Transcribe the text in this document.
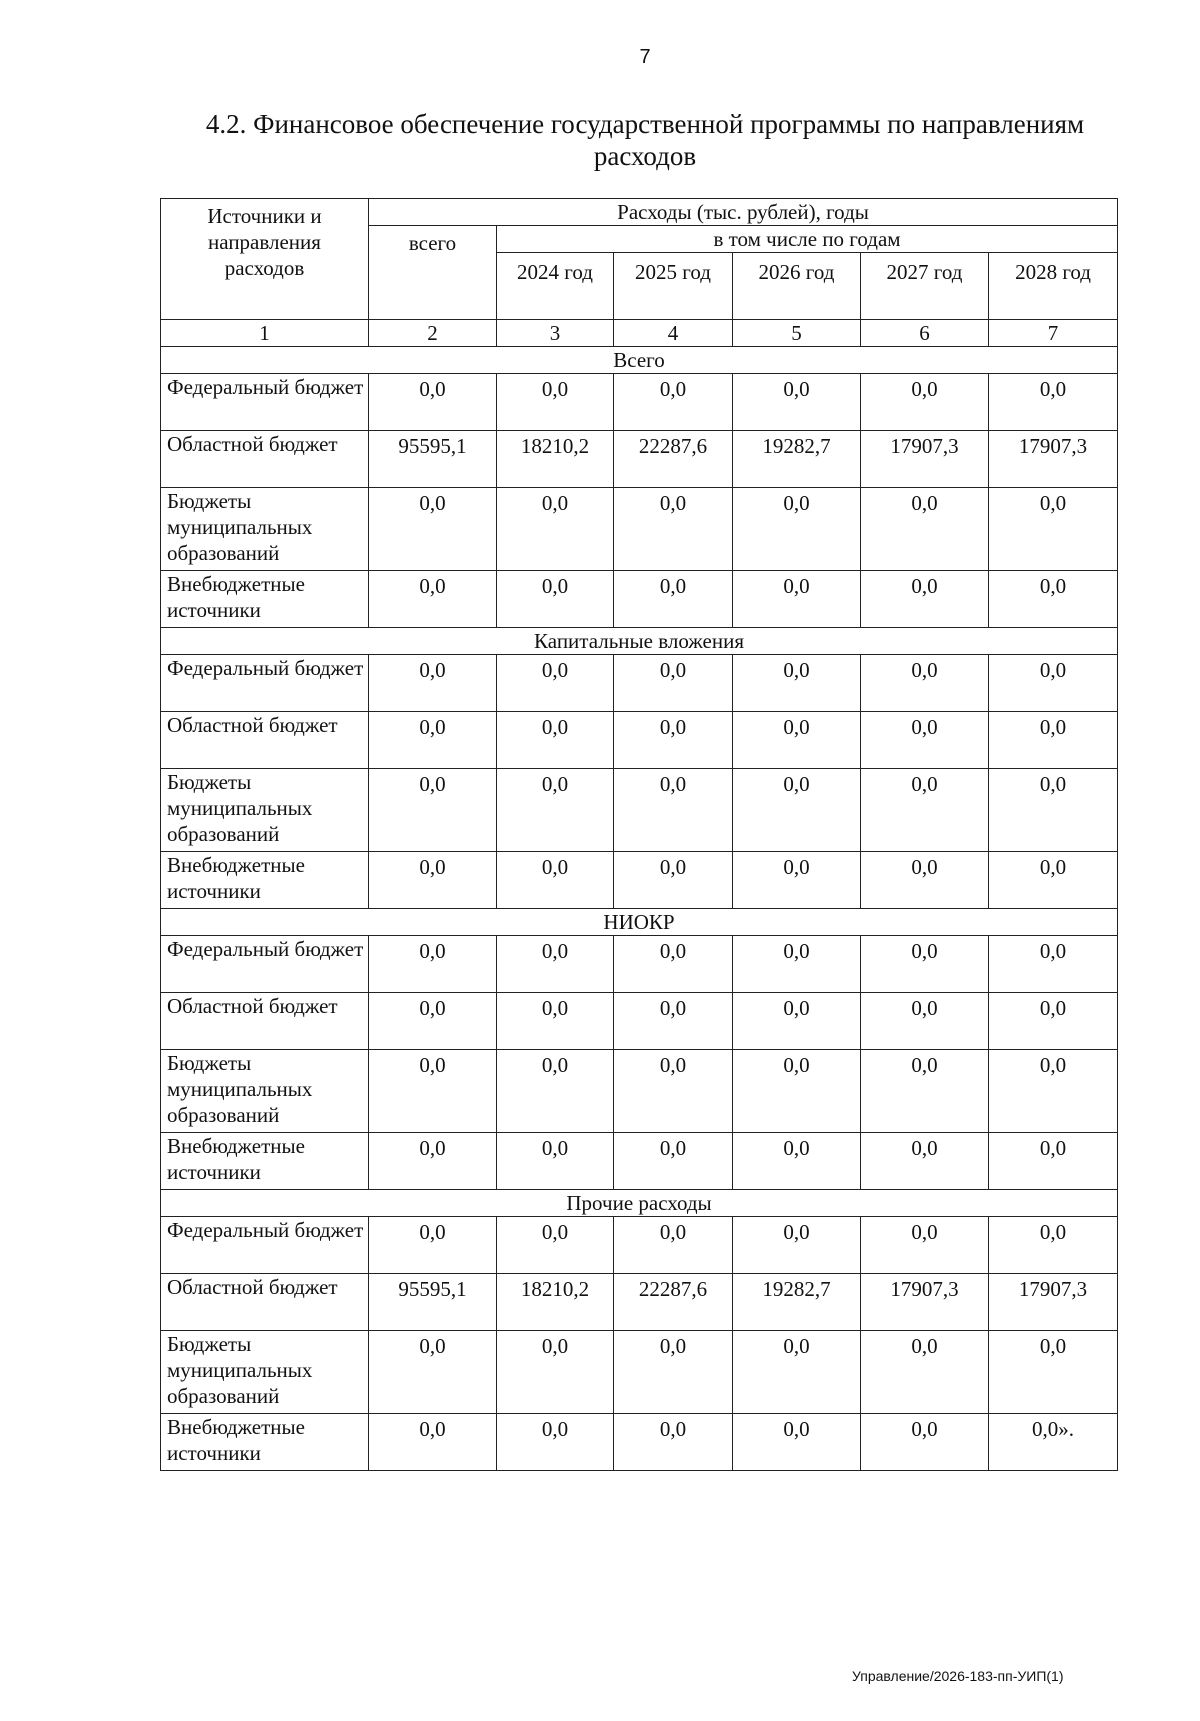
7
4.2. Финансовое обеспечение государственной программы по направлениям
расходов
Источники и направления расходов	Расходы (тыс. рублей), годы					
	всего	в том числе по годам				
		2024 год	2025 год	2026 год	2027 год	2028 год
1	2	3	4	5	6	7
Всего						
Федеральный бюджет	0,0	0,0	0,0	0,0	0,0	0,0
Областной бюджет	95595,1	18210,2	22287,6	19282,7	17907,3	17907,3
Бюджеты муниципальных образований	0,0	0,0	0,0	0,0	0,0	0,0
Внебюджетные источники	0,0	0,0	0,0	0,0	0,0	0,0
Капитальные вложения						
Федеральный бюджет	0,0	0,0	0,0	0,0	0,0	0,0
Областной бюджет	0,0	0,0	0,0	0,0	0,0	0,0
Бюджеты муниципальных образований	0,0	0,0	0,0	0,0	0,0	0,0
Внебюджетные источники	0,0	0,0	0,0	0,0	0,0	0,0
НИОКР						
Федеральный бюджет	0,0	0,0	0,0	0,0	0,0	0,0
Областной бюджет	0,0	0,0	0,0	0,0	0,0	0,0
Бюджеты муниципальных образований	0,0	0,0	0,0	0,0	0,0	0,0
Внебюджетные источники	0,0	0,0	0,0	0,0	0,0	0,0
Прочие расходы						
Федеральный бюджет	0,0	0,0	0,0	0,0	0,0	0,0
Областной бюджет	95595,1	18210,2	22287,6	19282,7	17907,3	17907,3
Бюджеты муниципальных образований	0,0	0,0	0,0	0,0	0,0	0,0
Внебюджетные источники	0,0	0,0	0,0	0,0	0,0	0,0».
Управление/2026-183-пп-УИП(1)
